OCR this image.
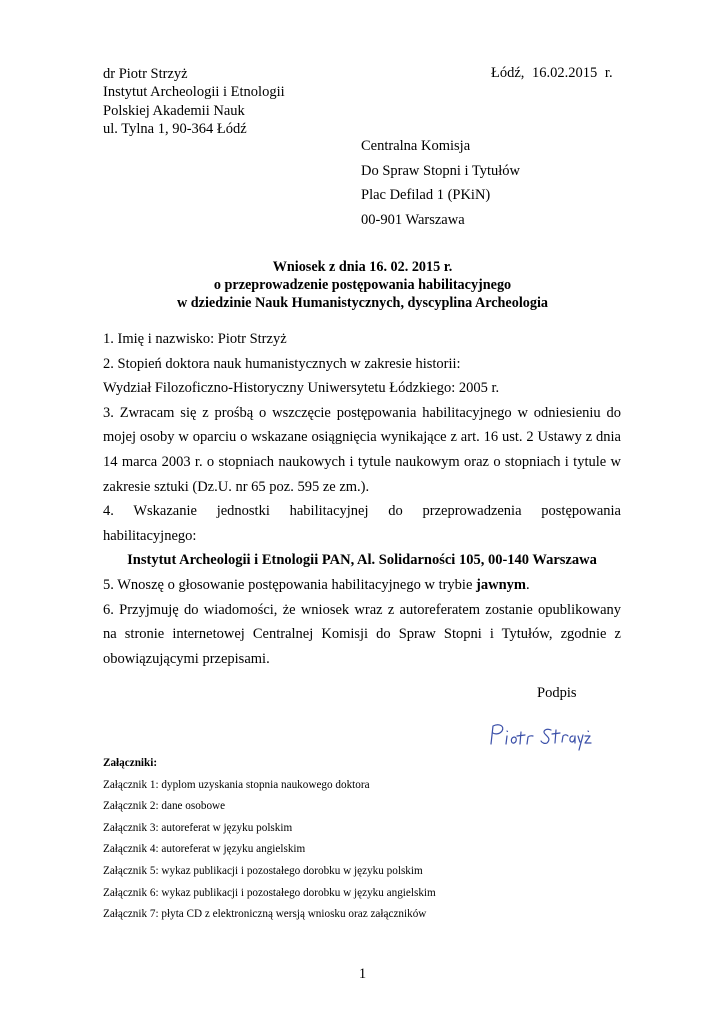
dr Piotr Strzyż
Instytut Archeologii i Etnologii
Polskiej Akademii Nauk
ul. Tylna 1, 90-364 Łódź
Łódź, 16.02.2015 r.
Centralna Komisja
Do Spraw Stopni i Tytułów
Plac Defilad 1 (PKiN)
00-901 Warszawa
Wniosek z dnia 16. 02. 2015 r.
o przeprowadzenie postępowania habilitacyjnego
w dziedzinie Nauk Humanistycznych, dyscyplina Archeologia

1. Imię i nazwisko: Piotr Strzyż

2. Stopień doktora nauk humanistycznych w zakresie historii:

Wydział Filozoficzno-Historyczny Uniwersytetu Łódzkiego: 2005 r.

3. Zwracam się z prośbą o wszczęcie postępowania habilitacyjnego w odniesieniu do mojej osoby w oparciu o wskazane osiągnięcia wynikające z art. 16 ust. 2 Ustawy z dnia 14 marca 2003 r. o stopniach naukowych i tytule naukowym oraz o stopniach i tytule w zakresie sztuki (Dz.U. nr 65 poz. 595 ze zm.).

4. Wskazanie jednostki habilitacyjnej do przeprowadzenia postępowania

habilitacyjnego:

Instytut Archeologii i Etnologii PAN, Al. Solidarności 105, 00-140 Warszawa

5. Wnoszę o głosowanie postępowania habilitacyjnego w trybie jawnym.

6. Przyjmuję do wiadomości, że wniosek wraz z autoreferatem zostanie opublikowany na stronie internetowej Centralnej Komisji do Spraw Stopni i Tytułów, zgodnie z obowiązującymi przepisami.

Podpis
Załączniki:
Załącznik 1: dyplom uzyskania stopnia naukowego doktora
Załącznik 2: dane osobowe
Załącznik 3: autoreferat w języku polskim
Załącznik 4: autoreferat w języku angielskim
Załącznik 5: wykaz publikacji i pozostałego dorobku w języku polskim
Załącznik 6: wykaz publikacji i pozostałego dorobku w języku angielskim
Załącznik 7: płyta CD z elektroniczną wersją wniosku oraz załączników
1
